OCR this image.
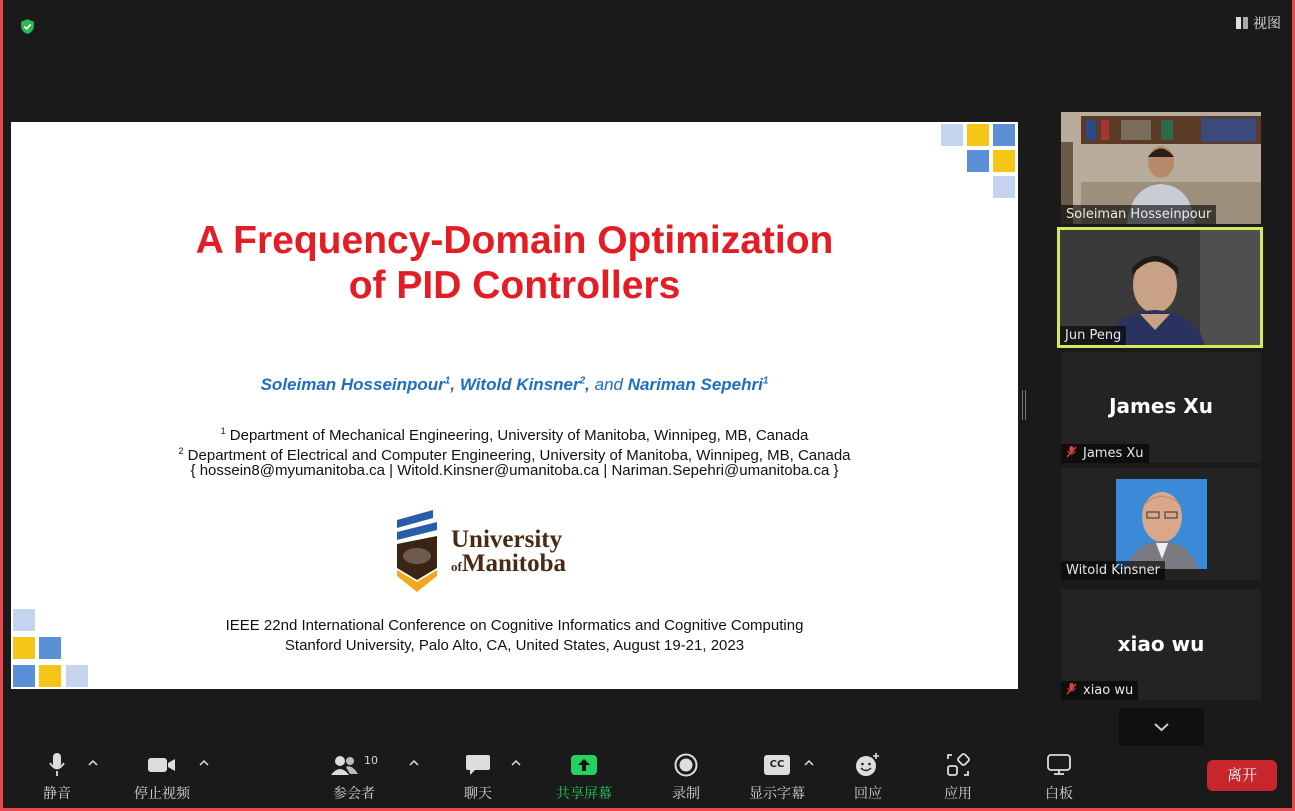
视图
A Frequency-Domain Optimization
of PID Controllers
Soleiman Hosseinpour$^1$, Witold Kinsner$^2$, and Nariman Sepehri$^1$
$^1$ Department of Mechanical Engineering, University of Manitoba, Winnipeg, MB, Canada
$^2$ Department of Electrical and Computer Engineering, University of Manitoba, Winnipeg, MB, Canada
{ hossein8@myumanitoba.ca | Witold.Kinsner@umanitoba.ca | Nariman.Sepehri@umanitoba.ca }
University
ofManitoba
IEEE 22nd International Conference on Cognitive Informatics and Cognitive Computing
Stanford University, Palo Alto, CA, United States, August 19-21, 2023
Soleiman Hosseinpour
Jun Peng
James Xu
James Xu
Witold Kinsner
xiao wu
xiao wu
静音	停止视频
10
参会者	聊天	共享屏幕	录制
CC
显示字幕	回应	应用	白板
离开
